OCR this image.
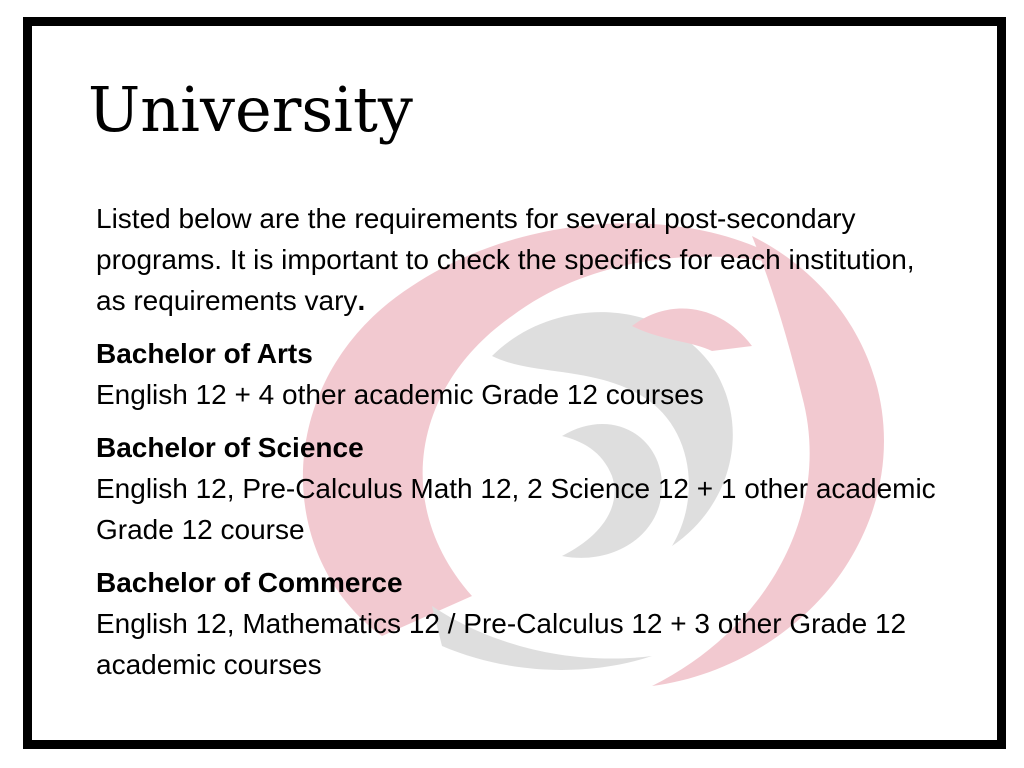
University

Listed below are the requirements for several post-secondary programs. It is important to check the specifics for each institution, as requirements vary.

Bachelor of Arts
English 12 + 4 other academic Grade 12 courses
Bachelor of Science
English 12, Pre-Calculus Math 12, 2 Science 12 + 1 other academic Grade 12 course
Bachelor of Commerce
English 12, Mathematics 12 / Pre-Calculus 12 + 3 other Grade 12 academic courses
